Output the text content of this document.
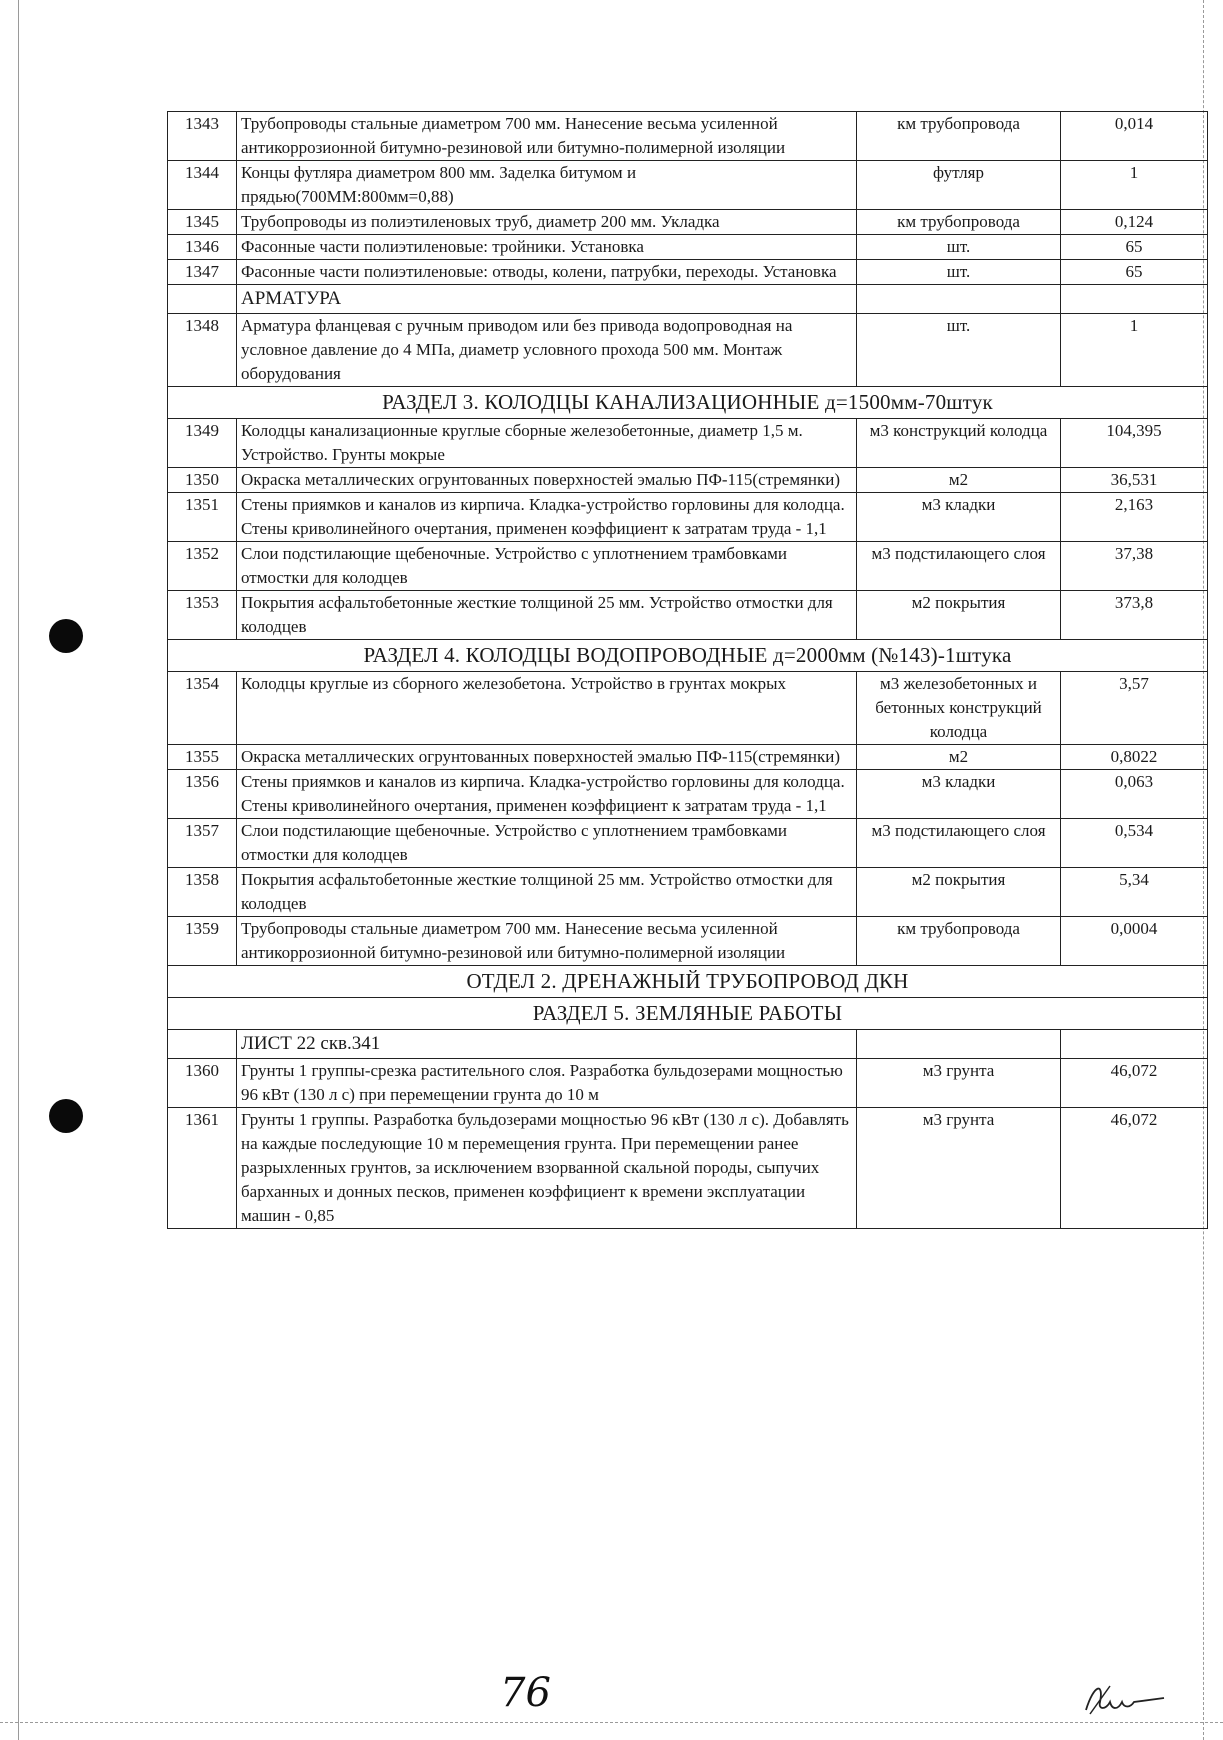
1343	Трубопроводы стальные диаметром 700 мм. Нанесение весьма усиленной антикоррозионной битумно-резиновой или битумно-полимерной изоляции	км трубопровода	0,014
1344	Концы футляра диаметром 800 мм. Заделка битумом и прядью(700ММ:800мм=0,88)	футляр	1
1345	Трубопроводы из полиэтиленовых труб, диаметр 200 мм. Укладка	км трубопровода	0,124
1346	Фасонные части полиэтиленовые: тройники. Установка	шт.	65
1347	Фасонные части полиэтиленовые: отводы, колени, патрубки, переходы. Установка	шт.	65
	АРМАТУРА		
1348	Арматура фланцевая с ручным приводом или без привода водопроводная на условное давление до 4 МПа, диаметр условного прохода 500 мм. Монтаж оборудования	шт.	1
РАЗДЕЛ 3. КОЛОДЦЫ КАНАЛИЗАЦИОННЫЕ д=1500мм-70штук			
1349	Колодцы канализационные круглые сборные железобетонные, диаметр 1,5 м. Устройство. Грунты мокрые	м3 конструкций колодца	104,395
1350	Окраска металлических огрунтованных поверхностей эмалью ПФ-115(стремянки)	м2	36,531
1351	Стены приямков и каналов из кирпича. Кладка-устройство горловины для колодца. Стены криволинейного очертания, применен коэффициент к затратам труда - 1,1	м3 кладки	2,163
1352	Слои подстилающие щебеночные. Устройство с уплотнением трамбовками отмостки для колодцев	м3 подстилающего слоя	37,38
1353	Покрытия асфальтобетонные жесткие толщиной 25 мм. Устройство отмостки для колодцев	м2 покрытия	373,8
РАЗДЕЛ 4. КОЛОДЦЫ ВОДОПРОВОДНЫЕ д=2000мм (№143)-1штука			
1354	Колодцы круглые из сборного железобетона. Устройство в грунтах мокрых	м3 железобетонных и бетонных конструкций колодца	3,57
1355	Окраска металлических огрунтованных поверхностей эмалью ПФ-115(стремянки)	м2	0,8022
1356	Стены приямков и каналов из кирпича. Кладка-устройство горловины для колодца. Стены криволинейного очертания, применен коэффициент к затратам труда - 1,1	м3 кладки	0,063
1357	Слои подстилающие щебеночные. Устройство с уплотнением трамбовками отмостки для колодцев	м3 подстилающего слоя	0,534
1358	Покрытия асфальтобетонные жесткие толщиной 25 мм. Устройство отмостки для колодцев	м2 покрытия	5,34
1359	Трубопроводы стальные диаметром 700 мм. Нанесение весьма усиленной антикоррозионной битумно-резиновой или битумно-полимерной изоляции	км трубопровода	0,0004
ОТДЕЛ 2. ДРЕНАЖНЫЙ ТРУБОПРОВОД ДКН			
РАЗДЕЛ 5. ЗЕМЛЯНЫЕ РАБОТЫ			
	ЛИСТ 22 скв.341		
1360	Грунты 1 группы-срезка растительного слоя. Разработка бульдозерами мощностью 96 кВт (130 л с) при перемещении грунта до 10 м	м3 грунта	46,072
1361	Грунты 1 группы. Разработка бульдозерами мощностью 96 кВт (130 л с). Добавлять на каждые последующие 10 м перемещения грунта. При перемещении ранее разрыхленных грунтов, за исключением взорванной скальной породы, сыпучих барханных и донных песков, применен коэффициент к времени эксплуатации машин - 0,85	м3 грунта	46,072
76
